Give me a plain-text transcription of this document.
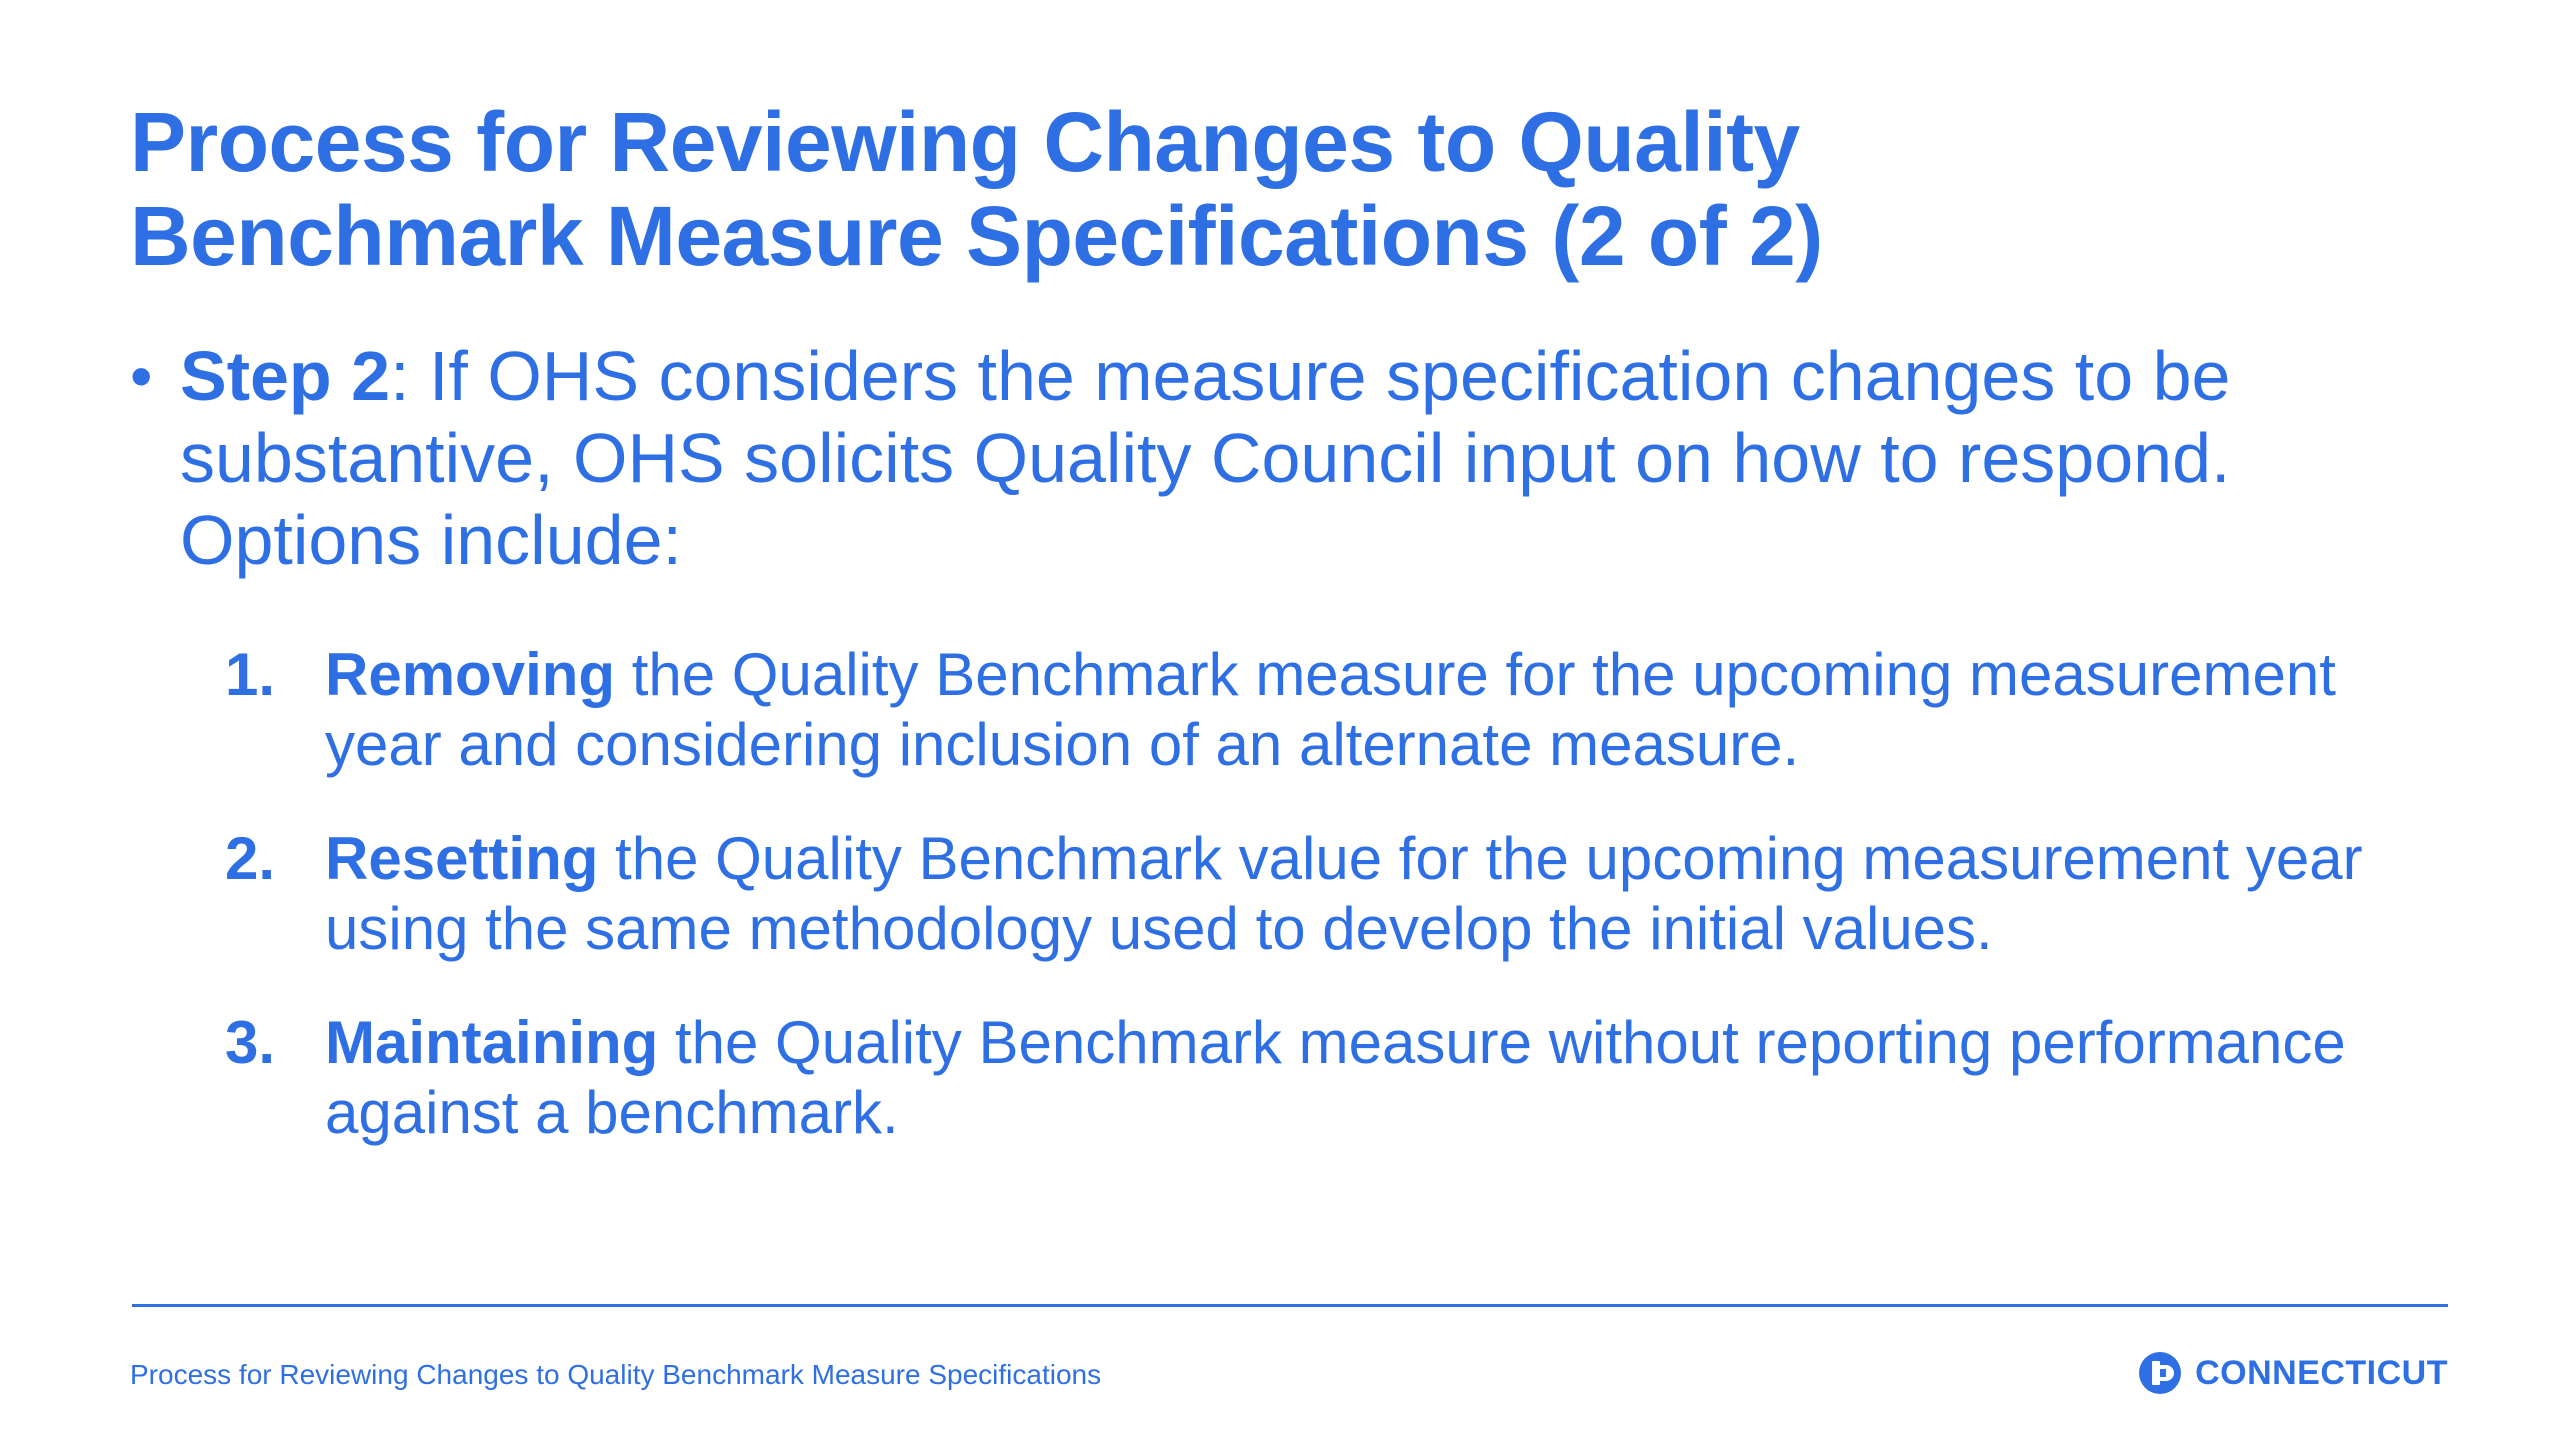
Process for Reviewing Changes to Quality
Benchmark Measure Specifications (2 of 2)
• Step 2: If OHS considers the measure specification changes to be substantive, OHS solicits Quality Council input on how to respond. Options include:
1. Removing the Quality Benchmark measure for the upcoming measurement year and considering inclusion of an alternate measure.
2. Resetting the Quality Benchmark value for the upcoming measurement year using the same methodology used to develop the initial values.
3. Maintaining the Quality Benchmark measure without reporting performance against a benchmark.
Process for Reviewing Changes to Quality Benchmark Measure Specifications	CONNECTICUT
